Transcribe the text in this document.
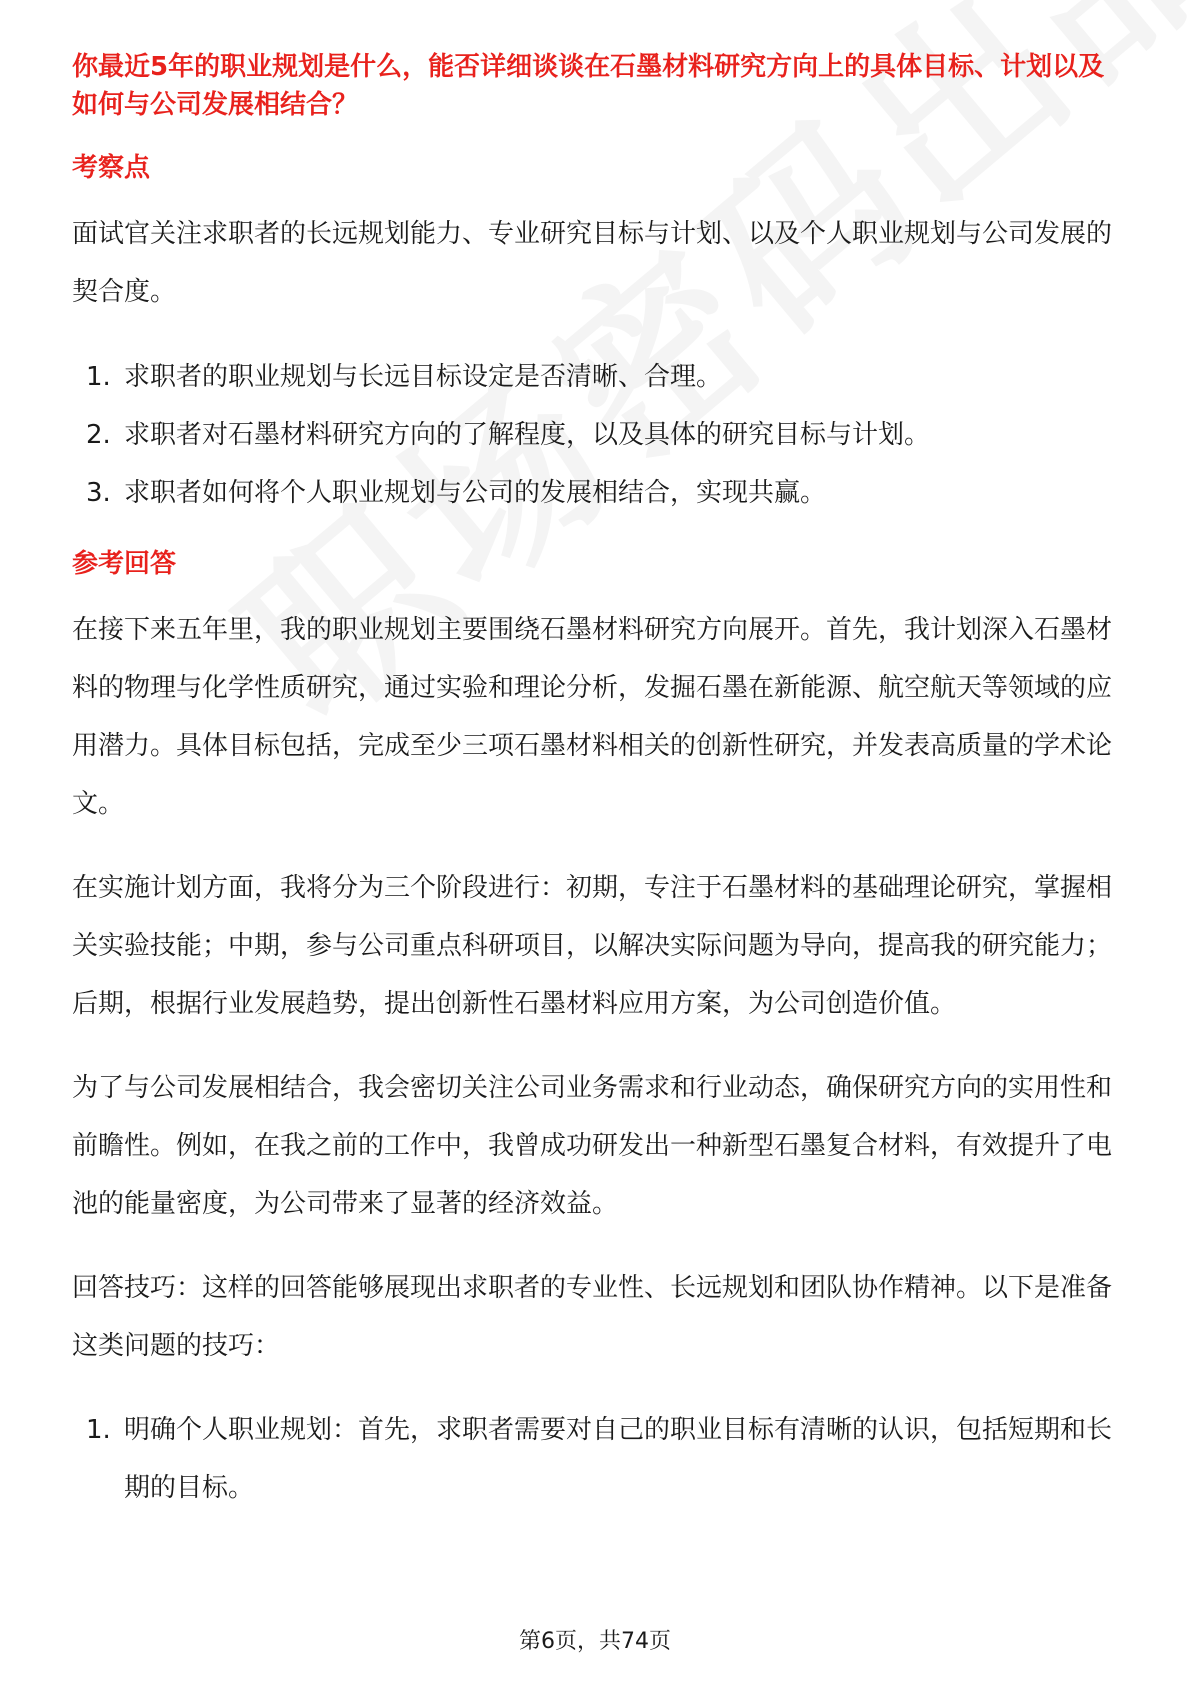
你最近5年的职业规划是什么，能否详细谈谈在石墨材料研究方向上的具体目标、计划以及如何与公司发展相结合？

考察点

面试官关注求职者的长远规划能力、专业研究目标与计划、以及个人职业规划与公司发展的契合度。

1. 求职者的职业规划与长远目标设定是否清晰、合理。
2. 求职者对石墨材料研究方向的了解程度，以及具体的研究目标与计划。
3. 求职者如何将个人职业规划与公司的发展相结合，实现共赢。

参考回答

在接下来五年里，我的职业规划主要围绕石墨材料研究方向展开。首先，我计划深入石墨材料的物理与化学性质研究，通过实验和理论分析，发掘石墨在新能源、航空航天等领域的应用潜力。具体目标包括，完成至少三项石墨材料相关的创新性研究，并发表高质量的学术论文。

在实施计划方面，我将分为三个阶段进行：初期，专注于石墨材料的基础理论研究，掌握相关实验技能；中期，参与公司重点科研项目，以解决实际问题为导向，提高我的研究能力；后期，根据行业发展趋势，提出创新性石墨材料应用方案，为公司创造价值。

为了与公司发展相结合，我会密切关注公司业务需求和行业动态，确保研究方向的实用性和前瞻性。例如，在我之前的工作中，我曾成功研发出一种新型石墨复合材料，有效提升了电池的能量密度，为公司带来了显著的经济效益。

回答技巧：这样的回答能够展现出求职者的专业性、长远规划和团队协作精神。以下是准备这类问题的技巧：

1. 明确个人职业规划：首先，求职者需要对自己的职业目标有清晰的认识，包括短期和长期的目标。
第6页，共74页
